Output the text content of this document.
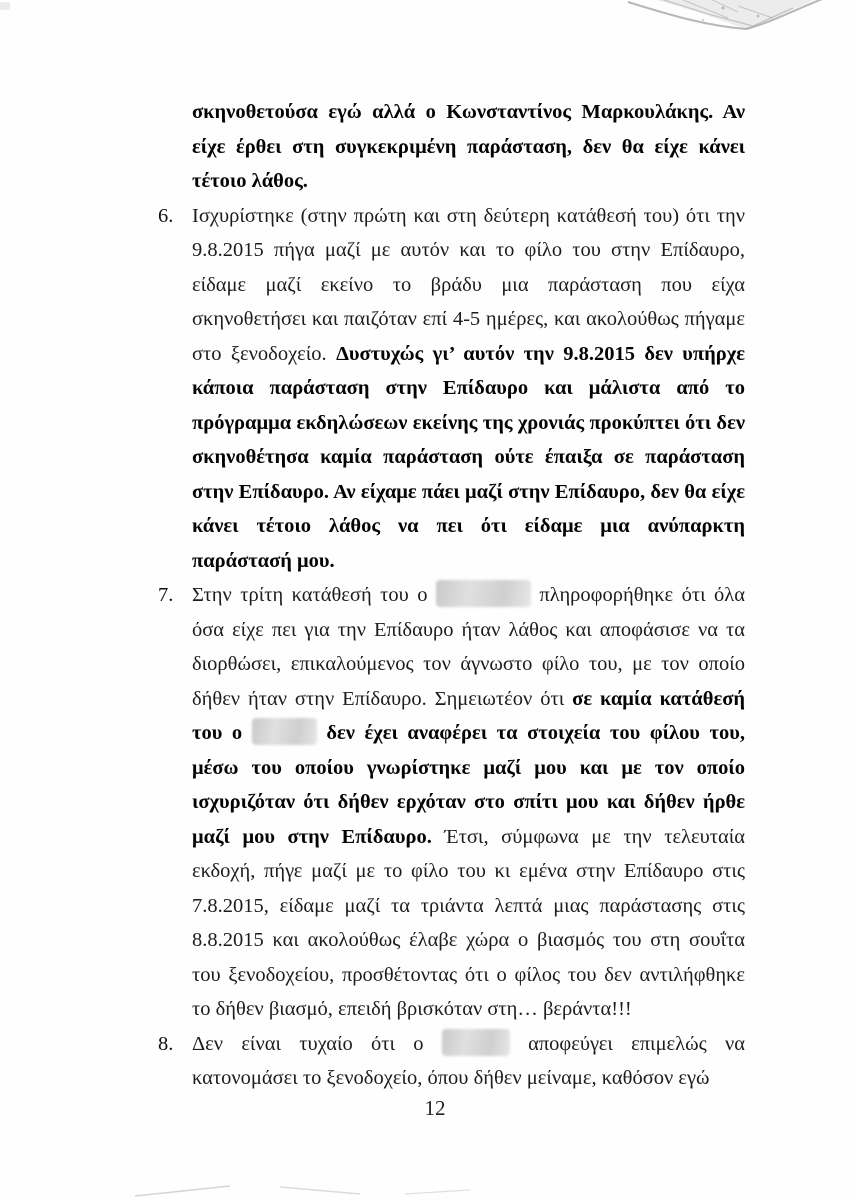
σκηνοθετούσα εγώ αλλά ο Κωνσταντίνος Μαρκουλάκης. Αν είχε έρθει στη συγκεκριμένη παράσταση, δεν θα είχε κάνει τέτοιο λάθος.

6. Ισχυρίστηκε (στην πρώτη και στη δεύτερη κατάθεσή του) ότι την 9.8.2015 πήγα μαζί με αυτόν και το φίλο του στην Επίδαυρο, είδαμε μαζί εκείνο το βράδυ μια παράσταση που είχα σκηνοθετήσει και παιζόταν επί 4-5 ημέρες, και ακολούθως πήγαμε στο ξενοδοχείο. Δυστυχώς γι’ αυτόν την 9.8.2015 δεν υπήρχε κάποια παράσταση στην Επίδαυρο και μάλιστα από το πρόγραμμα εκδηλώσεων εκείνης της χρονιάς προκύπτει ότι δεν σκηνοθέτησα καμία παράσταση ούτε έπαιξα σε παράσταση στην Επίδαυρο. Αν είχαμε πάει μαζί στην Επίδαυρο, δεν θα είχε κάνει τέτοιο λάθος να πει ότι είδαμε μια ανύπαρκτη παράστασή μου.

7. Στην τρίτη κατάθεσή του ο	πληροφορήθηκε ότι όλα όσα είχε πει για την Επίδαυρο ήταν λάθος και αποφάσισε να τα διορθώσει, επικαλούμενος τον άγνωστο φίλο του, με τον οποίο δήθεν ήταν στην Επίδαυρο. Σημειωτέον ότι σε καμία κατάθεσή του ο	δεν έχει αναφέρει τα στοιχεία του φίλου του, μέσω του οποίου γνωρίστηκε μαζί μου και με τον οποίο ισχυριζόταν ότι δήθεν ερχόταν στο σπίτι μου και δήθεν ήρθε μαζί μου στην Επίδαυρο. Έτσι, σύμφωνα με την τελευταία εκδοχή, πήγε μαζί με το φίλο του κι εμένα στην Επίδαυρο στις 7.8.2015, είδαμε μαζί τα τριάντα λεπτά μιας παράστασης στις 8.8.2015 και ακολούθως έλαβε χώρα ο βιασμός του στη σουΐτα του ξενοδοχείου, προσθέτοντας ότι ο φίλος του δεν αντιλήφθηκε το δήθεν βιασμό, επειδή βρισκόταν στη… βεράντα!!!

8. Δεν είναι τυχαίο ότι ο	αποφεύγει επιμελώς να κατονομάσει το ξενοδοχείο, όπου δήθεν μείναμε, καθόσον εγώ

12
